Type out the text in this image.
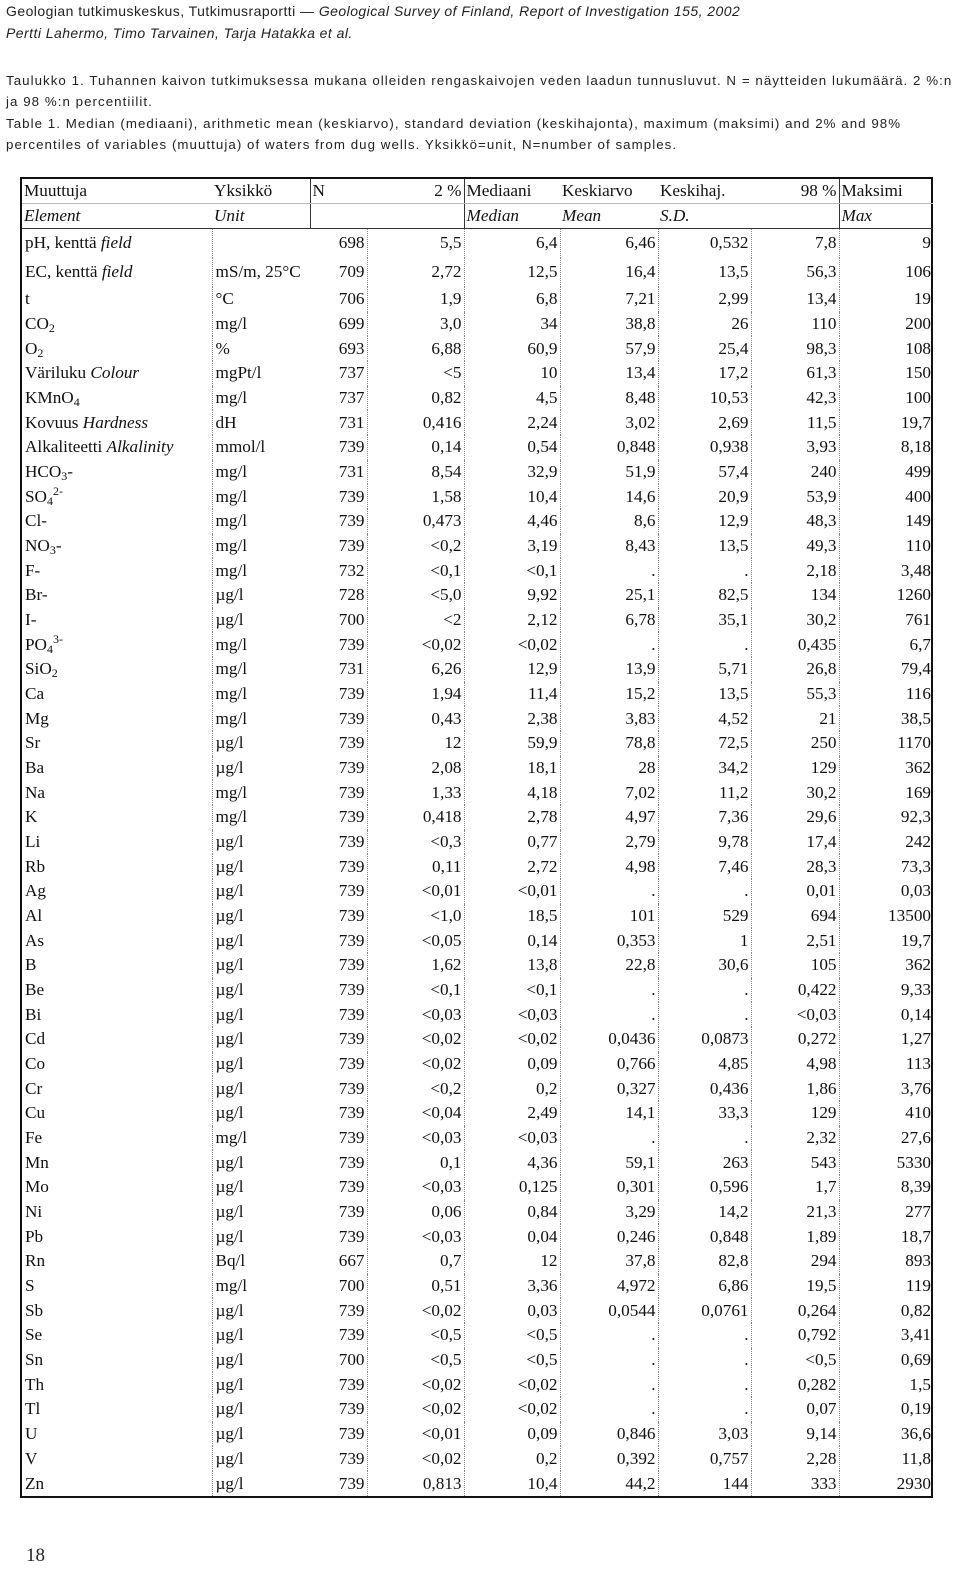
Geologian tutkimuskeskus, Tutkimusraportti — Geological Survey of Finland, Report of Investigation 155, 2002
Pertti Lahermo, Timo Tarvainen, Tarja Hatakka et al.

Taulukko 1. Tuhannen kaivon tutkimuksessa mukana olleiden rengaskaivojen veden laadun tunnusluvut. N = näytteiden lukumäärä. 2 %:n ja 98 %:n percentiilit.

Table 1. Median (mediaani), arithmetic mean (keskiarvo), standard deviation (keskihajonta), maximum (maksimi) and 2% and 98% percentiles of variables (muuttuja) of waters from dug wells. Yksikkö=unit, N=number of samples.

Muuttuja	Yksikkö	N	2 %	Mediaani	Keskiarvo	Keskihaj.	98 %	Maksimi
Element	Unit			Median	Mean	S.D.		Max
pH, kenttä field		698	5,5	6,4	6,46	0,532	7,8	9
EC, kenttä field	mS/m, 25°C	709	2,72	12,5	16,4	13,5	56,3	106
t	°C	706	1,9	6,8	7,21	2,99	13,4	19
$CO_2$	mg/l	699	3,0	34	38,8	26	110	200
$O_2$	%	693	6,88	60,9	57,9	25,4	98,3	108
Väriluku Colour	mgPt/l	737	<5	10	13,4	17,2	61,3	150
KMnO$_4$	mg/l	737	0,82	4,5	8,48	10,53	42,3	100
Kovuus Hardness	dH	731	0,416	2,24	3,02	2,69	11,5	19,7
Alkaliteetti Alkalinity	mmol/l	739	0,14	0,54	0,848	0,938	3,93	8,18
$HCO_3-$	mg/l	731	8,54	32,9	51,9	57,4	240	499
$SO_4^{2-}$	mg/l	739	1,58	10,4	14,6	20,9	53,9	400
Cl-	mg/l	739	0,473	4,46	8,6	12,9	48,3	149
$NO_3-$	mg/l	739	<0,2	3,19	8,43	13,5	49,3	110
F-	mg/l	732	<0,1	<0,1	.	.	2,18	3,48
Br-	µg/l	728	<5,0	9,92	25,1	82,5	134	1260
I-	µg/l	700	<2	2,12	6,78	35,1	30,2	761
$PO_4^{3-}$	mg/l	739	<0,02	<0,02	.	.	0,435	6,7
SiO$_2$	mg/l	731	6,26	12,9	13,9	5,71	26,8	79,4
Ca	mg/l	739	1,94	11,4	15,2	13,5	55,3	116
Mg	mg/l	739	0,43	2,38	3,83	4,52	21	38,5
Sr	µg/l	739	12	59,9	78,8	72,5	250	1170
Ba	µg/l	739	2,08	18,1	28	34,2	129	362
Na	mg/l	739	1,33	4,18	7,02	11,2	30,2	169
K	mg/l	739	0,418	2,78	4,97	7,36	29,6	92,3
Li	µg/l	739	<0,3	0,77	2,79	9,78	17,4	242
Rb	µg/l	739	0,11	2,72	4,98	7,46	28,3	73,3
Ag	µg/l	739	<0,01	<0,01	.	.	0,01	0,03
Al	µg/l	739	<1,0	18,5	101	529	694	13500
As	µg/l	739	<0,05	0,14	0,353	1	2,51	19,7
B	µg/l	739	1,62	13,8	22,8	30,6	105	362
Be	µg/l	739	<0,1	<0,1	.	.	0,422	9,33
Bi	µg/l	739	<0,03	<0,03	.	.	<0,03	0,14
Cd	µg/l	739	<0,02	<0,02	0,0436	0,0873	0,272	1,27
Co	µg/l	739	<0,02	0,09	0,766	4,85	4,98	113
Cr	µg/l	739	<0,2	0,2	0,327	0,436	1,86	3,76
Cu	µg/l	739	<0,04	2,49	14,1	33,3	129	410
Fe	mg/l	739	<0,03	<0,03	.	.	2,32	27,6
Mn	µg/l	739	0,1	4,36	59,1	263	543	5330
Mo	µg/l	739	<0,03	0,125	0,301	0,596	1,7	8,39
Ni	µg/l	739	0,06	0,84	3,29	14,2	21,3	277
Pb	µg/l	739	<0,03	0,04	0,246	0,848	1,89	18,7
Rn	Bq/l	667	0,7	12	37,8	82,8	294	893
S	mg/l	700	0,51	3,36	4,972	6,86	19,5	119
Sb	µg/l	739	<0,02	0,03	0,0544	0,0761	0,264	0,82
Se	µg/l	739	<0,5	<0,5	.	.	0,792	3,41
Sn	µg/l	700	<0,5	<0,5	.	.	<0,5	0,69
Th	µg/l	739	<0,02	<0,02	.	.	0,282	1,5
Tl	µg/l	739	<0,02	<0,02	.	.	0,07	0,19
U	µg/l	739	<0,01	0,09	0,846	3,03	9,14	36,6
V	µg/l	739	<0,02	0,2	0,392	0,757	2,28	11,8
Zn	µg/l	739	0,813	10,4	44,2	144	333	2930
18
